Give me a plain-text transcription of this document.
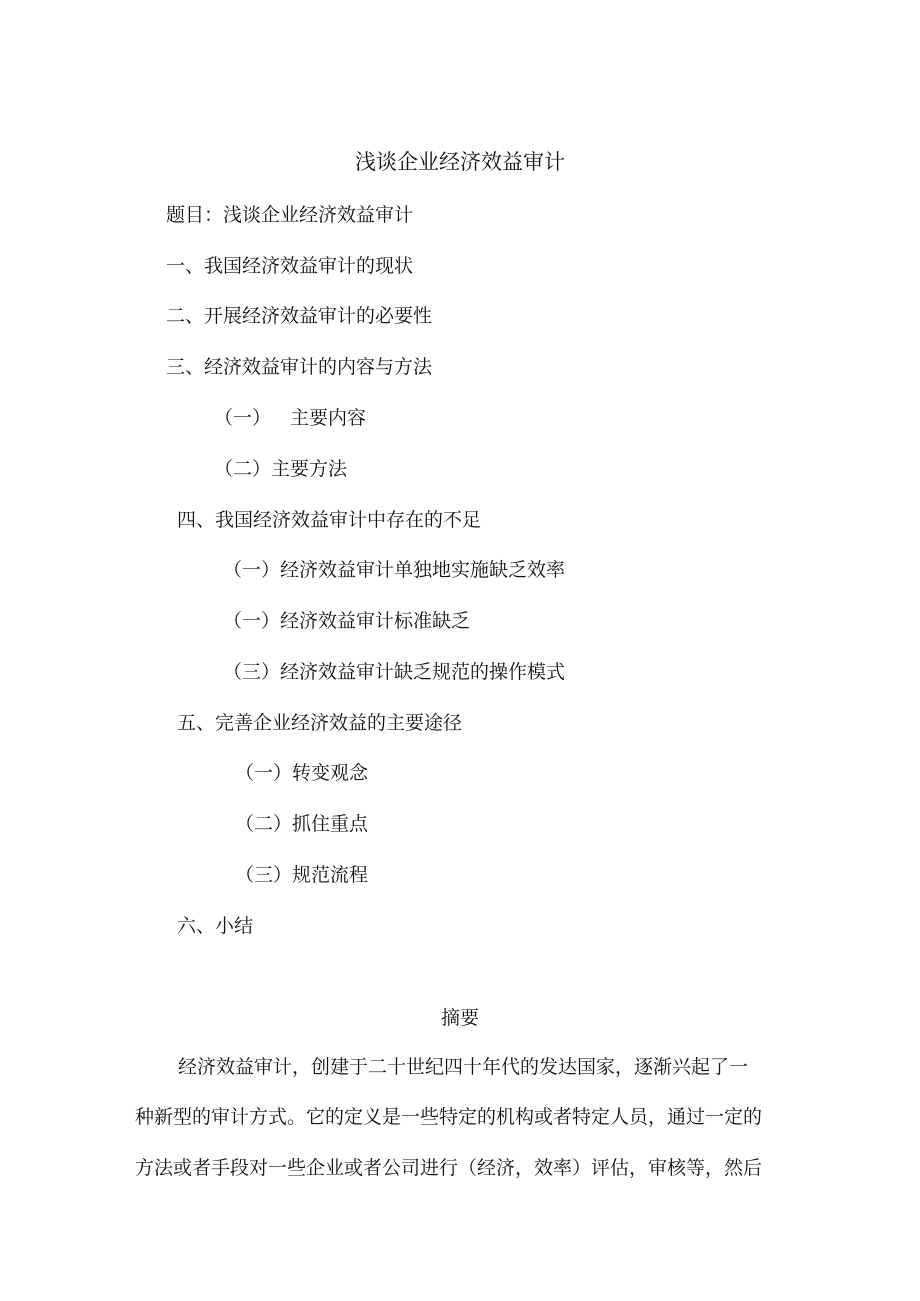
浅谈企业经济效益审计
题目：浅谈企业经济效益审计
一、我国经济效益审计的现状
二、开展经济效益审计的必要性
三、经济效益审计的内容与方法
（一） 主要内容
（二）主要方法
四、我国经济效益审计中存在的不足
（一）经济效益审计单独地实施缺乏效率
（一）经济效益审计标准缺乏
（三）经济效益审计缺乏规范的操作模式
五、完善企业经济效益的主要途径
（一）转变观念
（二）抓住重点
（三）规范流程
六、小结
摘要
经济效益审计，创建于二十世纪四十年代的发达国家，逐渐兴起了一
种新型的审计方式。它的定义是一些特定的机构或者特定人员，通过一定的
方法或者手段对一些企业或者公司进行（经济，效率）评估，审核等，然后
